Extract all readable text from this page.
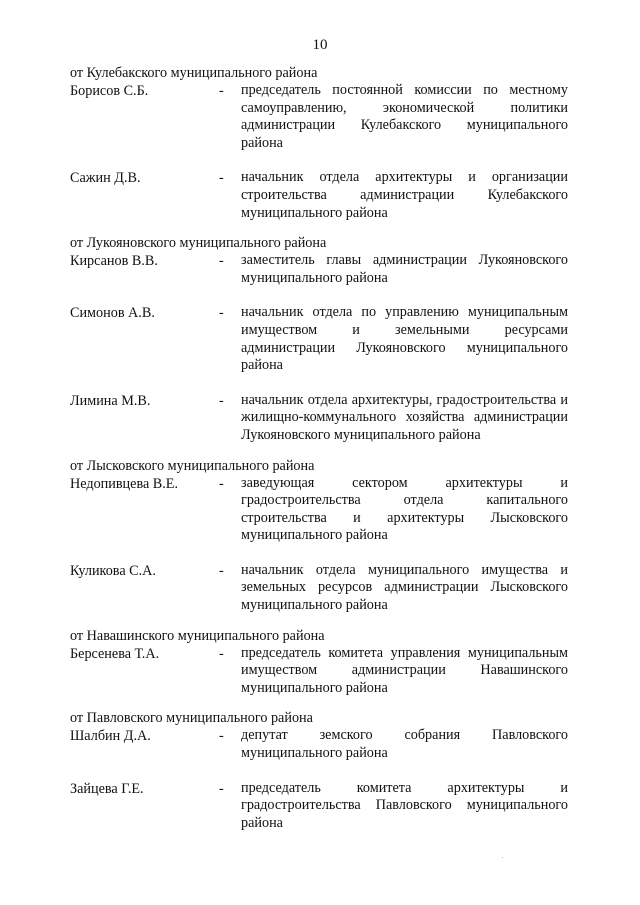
10
от Кулебакского муниципального района
Борисов С.Б.	- председатель постоянной комиссии по местному самоуправлению, экономической политики администрации Кулебакского муниципального района
Сажин Д.В.	- начальник отдела архитектуры и организации строительства администрации Кулебакского муниципального района
от Лукояновского муниципального района
Кирсанов В.В.	- заместитель главы администрации Лукояновского муниципального района
Симонов А.В.	- начальник отдела по управлению муниципальным имуществом и земельными ресурсами администрации Лукояновского муниципального района
Лимина М.В.	- начальник отдела архитектуры, градостроительства и жилищно-коммунального хозяйства администрации Лукояновского муниципального района
от Лысковского муниципального района
Недопивцева В.Е.	- заведующая сектором архитектуры и градостроительства отдела капитального строительства и архитектуры Лысковского муниципального района
Куликова С.А.	- начальник отдела муниципального имущества и земельных ресурсов администрации Лысковского муниципального района
от Навашинского муниципального района
Берсенева Т.А.	- председатель комитета управления муниципальным имуществом администрации Навашинского муниципального района
от Павловского муниципального района
Шалбин Д.А.	- депутат земского собрания Павловского муниципального района
Зайцева Г.Е.	- председатель комитета архитектуры и градостроительства Павловского муниципального района
